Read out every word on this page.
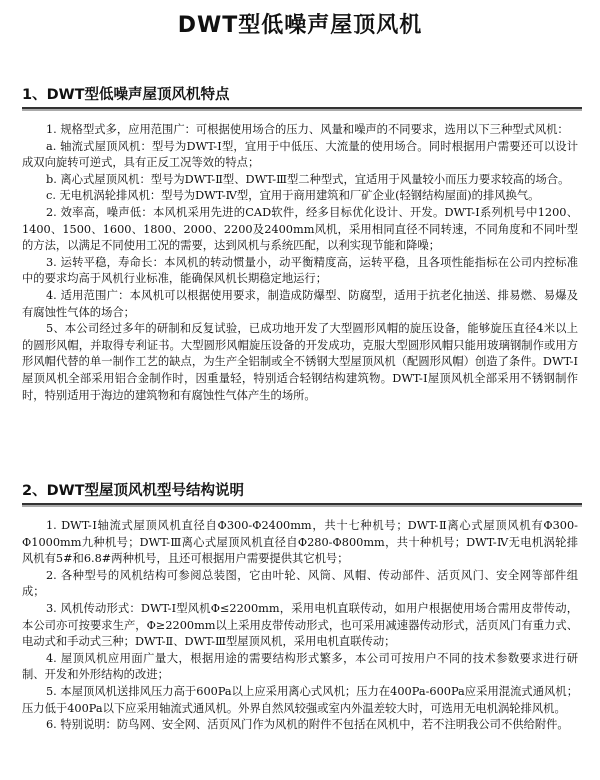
DWT型低噪声屋顶风机
1、DWT型低噪声屋顶风机特点

1. 规格型式多，应用范围广：可根据使用场合的压力、风量和噪声的不同要求，选用以下三种型式风机：

a. 轴流式屋顶风机：型号为DWT-Ⅰ型，宜用于中低压、大流量的使用场合。同时根据用户需要还可以设计成双向旋转可逆式，具有正反工况等效的特点；

b. 离心式屋顶风机：型号为DWT-Ⅱ型、DWT-Ⅲ型二种型式，宜适用于风量较小而压力要求较高的场合。

c. 无电机涡轮排风机：型号为DWT-Ⅳ型，宜用于商用建筑和厂矿企业(轻钢结构屋面)的排风换气。

2. 效率高，噪声低：本风机采用先进的CAD软件，经多目标优化设计、开发。DWT-Ⅰ系列机号中1200、1400、1500、1600、1800、2000、2200及2400mm风机，采用相同直径不同转速，不同角度和不同叶型的方法，以满足不同使用工况的需要，达到风机与系统匹配，以利实现节能和降噪；

3. 运转平稳，寿命长：本风机的转动惯量小，动平衡精度高，运转平稳，且各项性能指标在公司内控标准中的要求均高于风机行业标准，能确保风机长期稳定地运行；

4. 适用范围广：本风机可以根据使用要求，制造成防爆型、防腐型，适用于抗老化抽送、排易燃、易爆及有腐蚀性气体的场合；

5、本公司经过多年的研制和反复试验，已成功地开发了大型圆形风帽的旋压设备，能够旋压直径4米以上的圆形风帽，并取得专利证书。大型圆形风帽旋压设备的开发成功，克服大型圆形风帽只能用玻璃钢制作或用方形风帽代替的单一制作工艺的缺点，为生产全铝制或全不锈钢大型屋顶风机（配圆形风帽）创造了条件。DWT-Ⅰ屋顶风机全部采用铝合金制作时，因重量轻，特别适合轻钢结构建筑物。DWT-Ⅰ屋顶风机全部采用不锈钢制作时，特别适用于海边的建筑物和有腐蚀性气体产生的场所。

2、DWT型屋顶风机型号结构说明

1. DWT-Ⅰ轴流式屋顶风机直径自Φ300-Φ2400mm，共十七种机号；DWT-Ⅱ离心式屋顶风机有Φ300-Φ1000mm九种机号；DWT-Ⅲ离心式屋顶风机直径自Φ280-Φ800mm，共十种机号；DWT-Ⅳ无电机涡轮排风机有5#和6.8#两种机号，且还可根据用户需要提供其它机号；

2. 各种型号的风机结构可参阅总装图，它由叶轮、风筒、风帽、传动部件、活页风门、安全网等部件组成；

3. 风机传动形式：DWT-Ⅰ型风机Φ≤2200mm，采用电机直联传动，如用户根据使用场合需用皮带传动，本公司亦可按要求生产，Φ≥2200mm以上采用皮带传动形式，也可采用减速器传动形式，活页风门有重力式、电动式和手动式三种；DWT-Ⅱ、DWT-Ⅲ型屋顶风机，采用电机直联传动；

4. 屋顶风机应用面广量大，根据用途的需要结构形式繁多，本公司可按用户不同的技术参数要求进行研制、开发和外形结构的改进；

5. 本屋顶风机送排风压力高于600Pa以上应采用离心式风机；压力在400Pa-600Pa应采用混流式通风机；压力低于400Pa以下应采用轴流式通风机。外界自然风较强或室内外温差较大时，可选用无电机涡轮排风机。

6. 特别说明：防鸟网、安全网、活页风门作为风机的附件不包括在风机中，若不注明我公司不供给附件。
